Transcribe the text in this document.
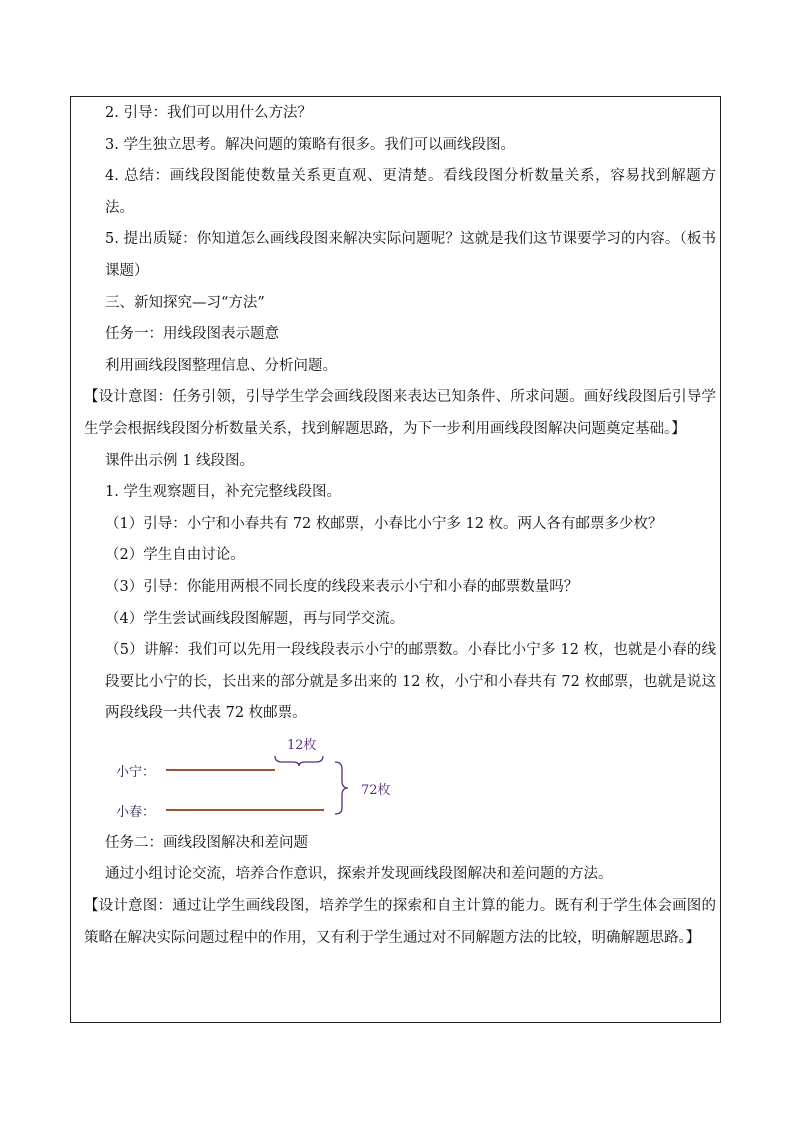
2. 引导：我们可以用什么方法？

3. 学生独立思考。解决问题的策略有很多。我们可以画线段图。

4. 总结：画线段图能使数量关系更直观、更清楚。看线段图分析数量关系，容易找到解题方法。

5. 提出质疑：你知道怎么画线段图来解决实际问题呢？这就是我们这节课要学习的内容。（板书课题）

三、新知探究—习“方法”

任务一：用线段图表示题意

利用画线段图整理信息、分析问题。

【设计意图：任务引领，引导学生学会画线段图来表达已知条件、所求问题。画好线段图后引导学生学会根据线段图分析数量关系，找到解题思路，为下一步利用画线段图解决问题奠定基础。】

课件出示例 1 线段图。

1. 学生观察题目，补充完整线段图。

（1）引导：小宁和小春共有 72 枚邮票，小春比小宁多 12 枚。两人各有邮票多少枚？

（2）学生自由讨论。

（3）引导：你能用两根不同长度的线段来表示小宁和小春的邮票数量吗？

（4）学生尝试画线段图解题，再与同学交流。

（5）讲解：我们可以先用一段线段表示小宁的邮票数。小春比小宁多 12 枚，也就是小春的线段要比小宁的长，长出来的部分就是多出来的 12 枚，小宁和小春共有 72 枚邮票，也就是说这两段线段一共代表 72 枚邮票。

小宁：
小春：
12枚
72枚

任务二：画线段图解决和差问题

通过小组讨论交流，培养合作意识，探索并发现画线段图解决和差问题的方法。

【设计意图：通过让学生画线段图，培养学生的探索和自主计算的能力。既有利于学生体会画图的策略在解决实际问题过程中的作用，又有利于学生通过对不同解题方法的比较，明确解题思路。】
